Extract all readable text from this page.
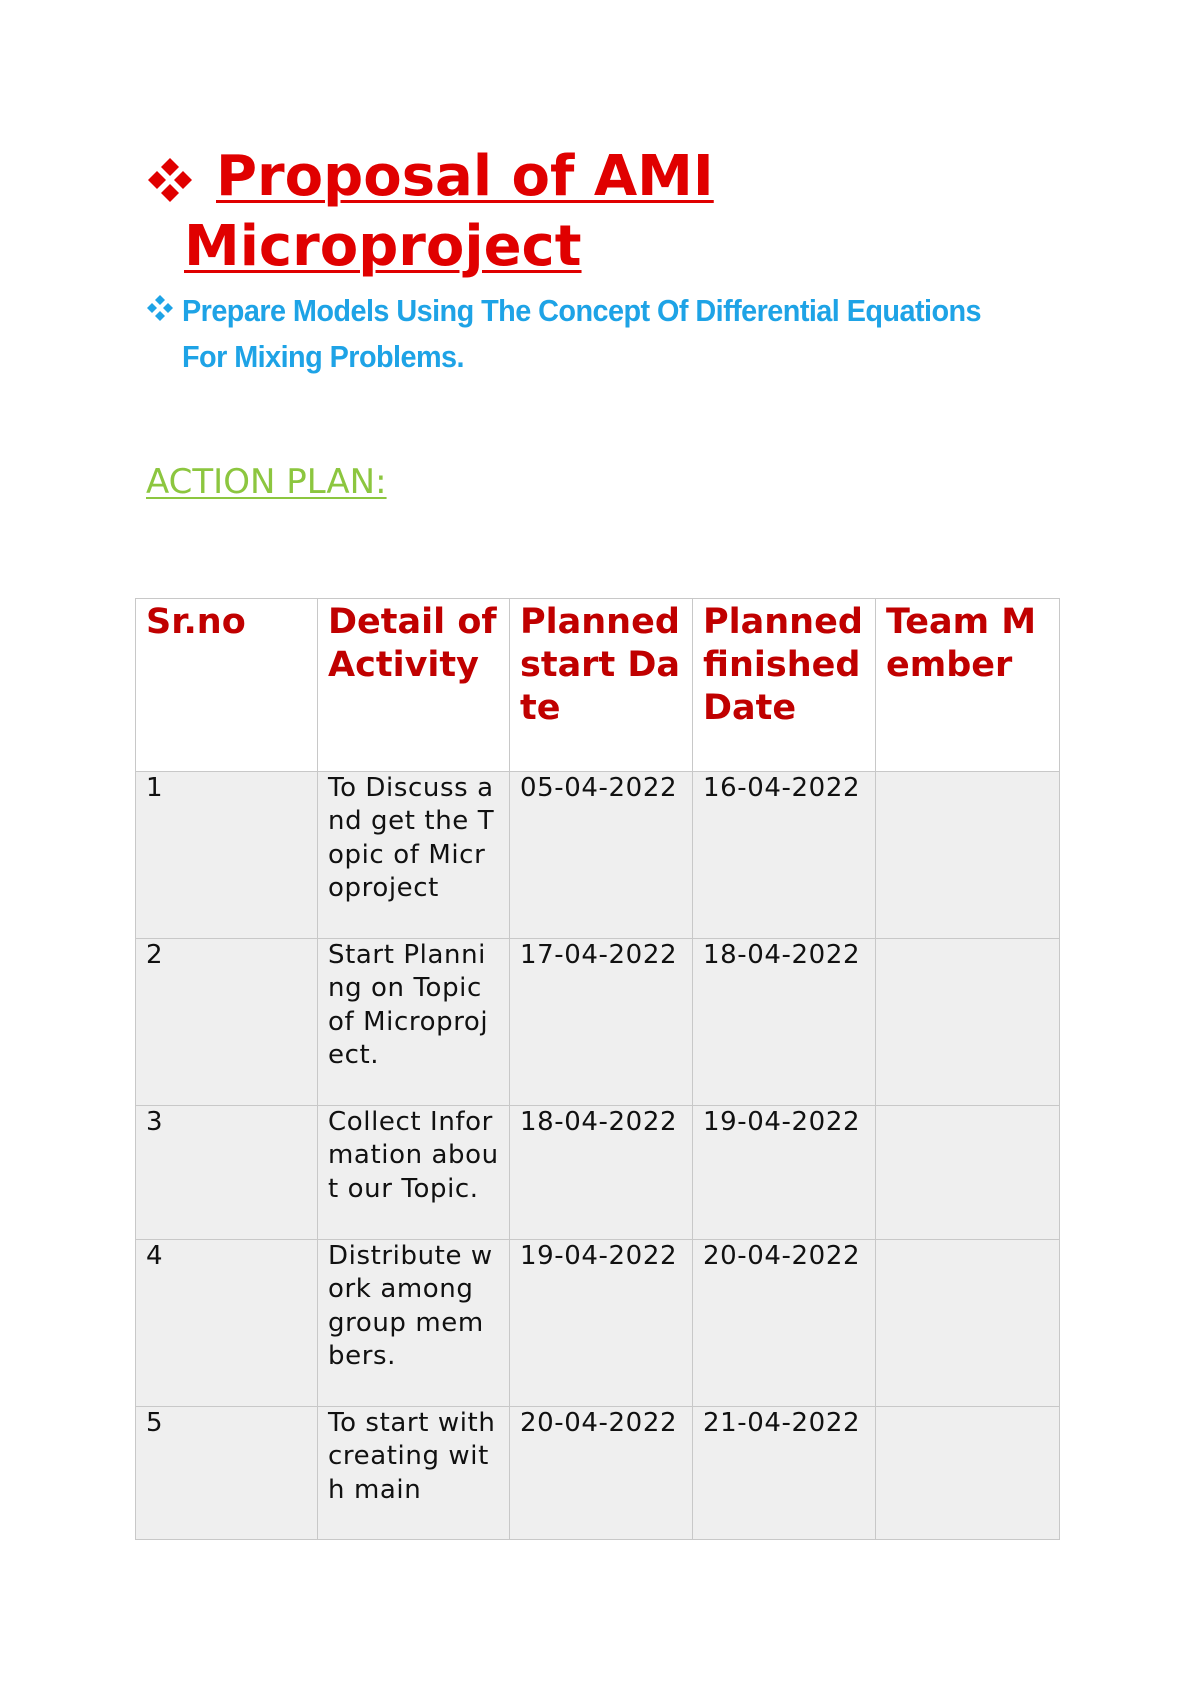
Proposal of AMI Microproject
Prepare Models Using The Concept Of Differential Equations For Mixing Problems.
ACTION PLAN:
Sr.no	Detail of Activity	Planned start Date	Planned finished Date	Team Member
1	To Discuss and get the Topic of Microproject	05-04-2022	16-04-2022	
2	Start Planning on Topic of Microproject.	17-04-2022	18-04-2022	
3	Collect Information about our Topic.	18-04-2022	19-04-2022	
4	Distribute work among group members.	19-04-2022	20-04-2022	
5	To start with creating with main	20-04-2022	21-04-2022	
